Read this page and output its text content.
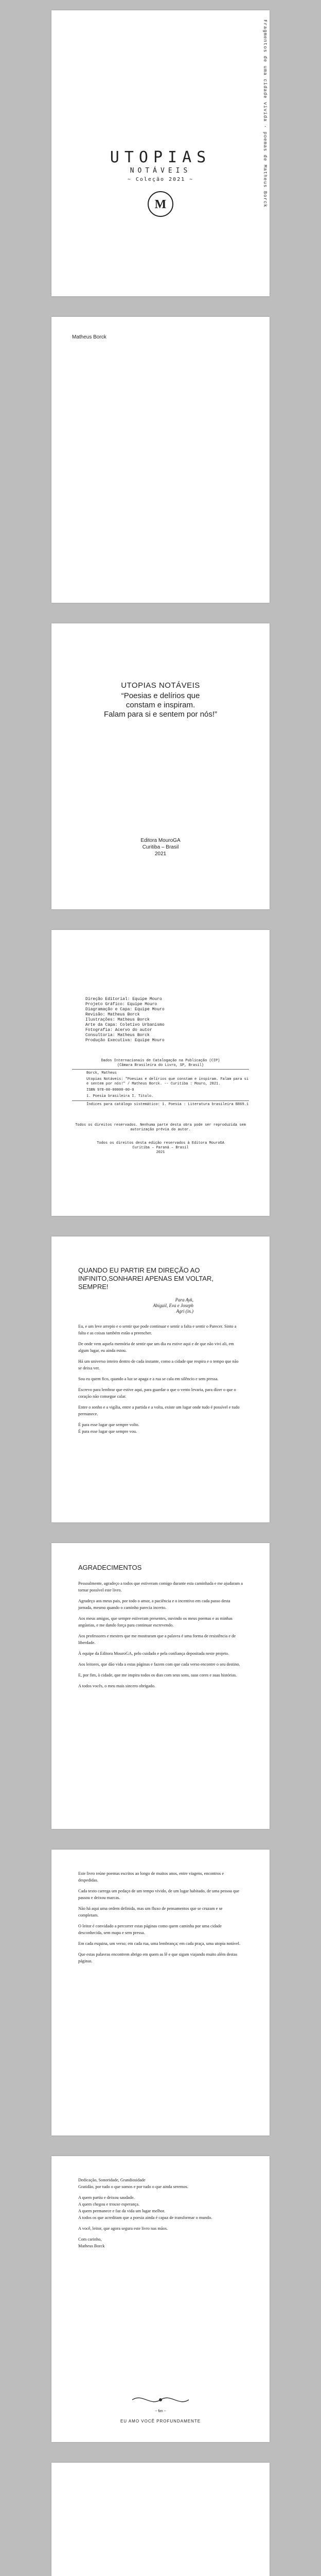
Fragmentos de uma cidade vivida · poemas de Matheus Borck
UTOPIAS
NOTÁVEIS
~ Coleção 2021 ~
M
Matheus Borck
UTOPIAS NOTÁVEIS
“Poesias e delírios que
constam e inspiram.
Falam para si e sentem por nós!”
Editora MouroGA
Curitiba – Brasil
2021
Direção Editorial: Equipe Mouro
Projeto Gráfico: Equipe Mouro
Diagramação e Capa: Equipe Mouro
Revisão: Matheus Borck
Ilustrações: Matheus Borck
Arte da Capa: Coletivo Urbanismo
Fotografia: Acervo do autor
Consultoria: Matheus Borck
Produção Executiva: Equipe Mouro
Dados Internacionais de Catalogação na Publicação (CIP)
(Câmara Brasileira do Livro, SP, Brasil)

Borck, Matheus

Utopias Notáveis: "Poesias e delírios que constam e inspiram. Falam para si e sentem por nós!" / Matheus Borck. -- Curitiba : Mouro, 2021.

ISBN 978-00-00000-00-0

1. Poesia brasileira I. Título.

Índices para catálogo sistemático: 1. Poesia : Literatura brasileira B869.1

Todos os direitos reservados. Nenhuma parte desta obra pode ser reproduzida sem autorização prévia do autor.
Todos os direitos desta edição reservados à Editora MouroGA
Curitiba – Paraná – Brasil
2021
QUANDO EU PARTIR EM DIREÇÃO AO
INFINITO,SONHAREI APENAS EM VOLTAR,
SEMPRE!
Para Ayk,
Abigail, Eva e Joseph
Agri (in.)

Eu, e um leve arrepio e o sentir que pode continuar e sentir a falta e sentir o Parecer. Sinto a falta e as coisas também estão a preencher.

De onde vem aquela memória de sentir que um dia eu estive aqui e de que não vivi ali, em algum lugar, eu ainda estou.

Há um universo inteiro dentro de cada instante, como a cidade que respira e o tempo que não se deixa ver.

Sou eu quem fico, quando a luz se apaga e a rua se cala em silêncio e sem pressa.

Escrevo para lembrar que estive aqui, para guardar o que o vento levaria, para dizer o que o coração não consegue calar.

Entre o sonho e a vigília, entre a partida e a volta, existe um lugar onde tudo é possível e tudo permanece.

É para esse lugar que sempre volto.

É para esse lugar que sempre vou.

AGRADECIMENTOS

Pessoalmente, agradeço a todos que estiveram comigo durante esta caminhada e me ajudaram a tornar possível este livro.

Agradeço aos meus pais, por todo o amor, a paciência e o incentivo em cada passo desta jornada, mesmo quando o caminho parecia incerto.

Aos meus amigos, que sempre estiveram presentes, ouvindo os meus poemas e as minhas angústias, e me dando força para continuar escrevendo.

Aos professores e mestres que me mostraram que a palavra é uma forma de resistência e de liberdade.

À equipe da Editora MouroGA, pelo cuidado e pela confiança depositada neste projeto.

Aos leitores, que dão vida a estas páginas e fazem com que cada verso encontre o seu destino.

E, por fim, à cidade, que me inspira todos os dias com seus sons, suas cores e suas histórias.

A todos vocês, o meu mais sincero obrigado.

Este livro reúne poemas escritos ao longo de muitos anos, entre viagens, encontros e despedidas.

Cada texto carrega um pedaço de um tempo vivido, de um lugar habitado, de uma pessoa que passou e deixou marcas.

Não há aqui uma ordem definida, mas um fluxo de pensamentos que se cruzam e se completam.

O leitor é convidado a percorrer estas páginas como quem caminha por uma cidade desconhecida, sem mapa e sem pressa.

Em cada esquina, um verso; em cada rua, uma lembrança; em cada praça, uma utopia notável.

Que estas palavras encontrem abrigo em quem as lê e que sigam viajando muito além destas páginas.

Dedicação, Sonoridade, Grandiosidade

Gratidão, por tudo o que somos e por tudo o que ainda seremos.

A quem partiu e deixou saudade.

A quem chegou e trouxe esperança.

A quem permanece e faz da vida um lugar melhor.

A todos os que acreditam que a poesia ainda é capaz de transformar o mundo.

A você, leitor, que agora segura este livro nas mãos.

Com carinho,

Matheus Borck

~ fim ~
EU AMO VOCÊ PROFUNDAMENTE
